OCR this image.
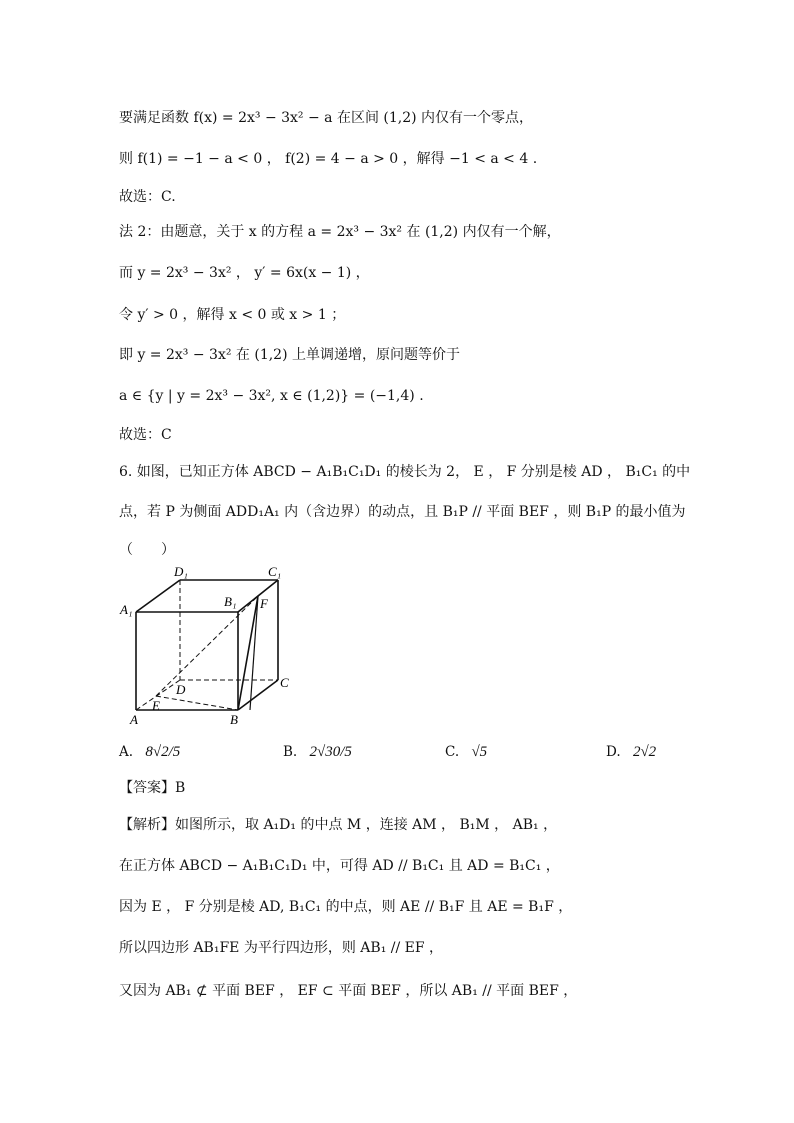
要满足函数 f(x) = 2x³ − 3x² − a 在区间 (1,2) 内仅有一个零点，
则 f(1) = −1 − a < 0 ， f(2) = 4 − a > 0 ，解得 −1 < a < 4 .
故选：C.
法 2：由题意，关于 x 的方程 a = 2x³ − 3x² 在 (1,2) 内仅有一个解，
而 y = 2x³ − 3x² ， y′ = 6x(x − 1) ，
令 y′ > 0 ，解得 x < 0 或 x > 1 ；
即 y = 2x³ − 3x² 在 (1,2) 上单调递增，原问题等价于
a ∈ {y | y = 2x³ − 3x², x ∈ (1,2)} = (−1,4) .
故选：C
6. 如图，已知正方体 ABCD − A₁B₁C₁D₁ 的棱长为 2， E ， F 分别是棱 AD ， B₁C₁ 的中
点，若 P 为侧面 ADD₁A₁ 内（含边界）的动点，且 B₁P // 平面 BEF ，则 B₁P 的最小值为
（　　）
D₁	C₁
A₁
B₁ F
D	C
E
A	B
A. 8√2/5	B. 2√30/5	C. √5	D. 2√2
【答案】B
【解析】如图所示，取 A₁D₁ 的中点 M ，连接 AM ， B₁M ， AB₁ ，
在正方体 ABCD − A₁B₁C₁D₁ 中，可得 AD // B₁C₁ 且 AD = B₁C₁ ，
因为 E ， F 分别是棱 AD, B₁C₁ 的中点，则 AE // B₁F 且 AE = B₁F ，
所以四边形 AB₁FE 为平行四边形，则 AB₁ // EF ，
又因为 AB₁ ⊄ 平面 BEF ， EF ⊂ 平面 BEF ，所以 AB₁ // 平面 BEF ，
